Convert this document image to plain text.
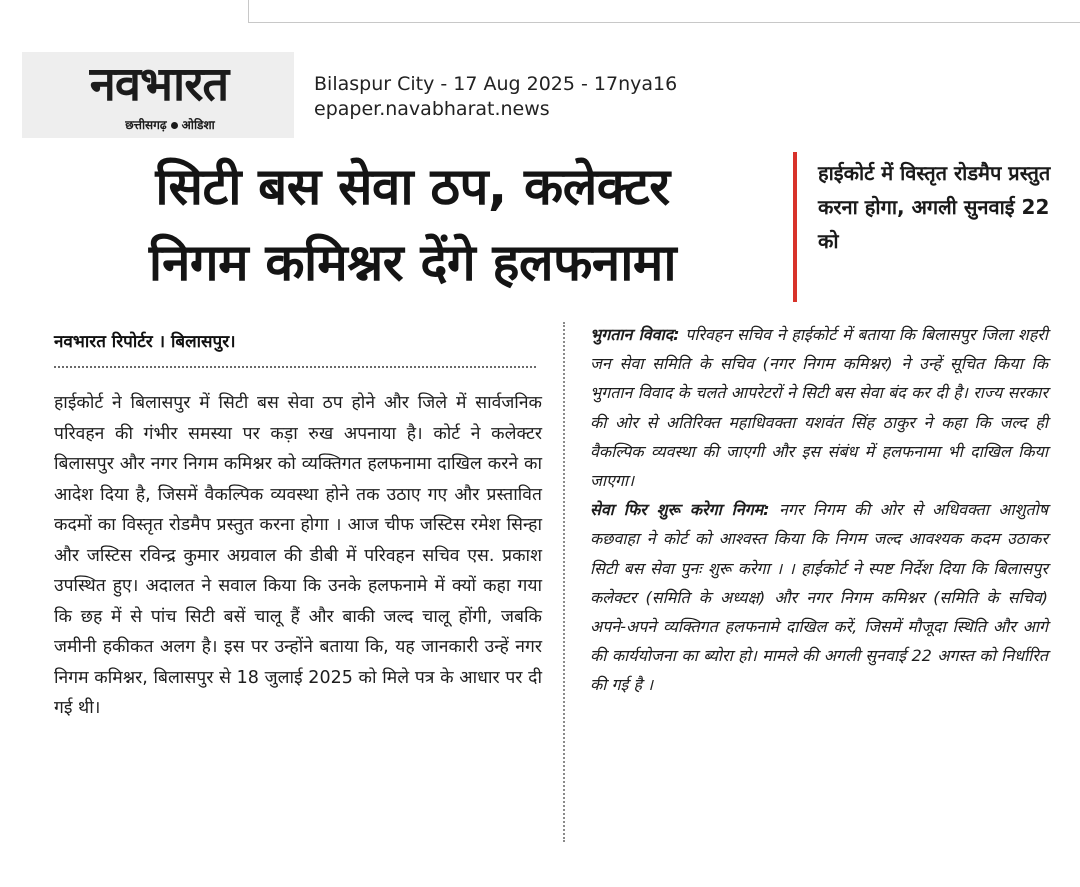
नवभारत
छत्तीसगढ़ ओडिशा
Bilaspur City - 17 Aug 2025 - 17nya16
epaper.navabharat.news
सिटी बस सेवा ठप, कलेक्टर
निगम कमिश्नर देंगे हलफनामा
हाईकोर्ट में विस्तृत रोडमैप प्रस्तुत करना होगा, अगली सुनवाई 22 को
नवभारत रिपोर्टर । बिलासपुर।
हाईकोर्ट ने बिलासपुर में सिटी बस सेवा ठप होने और जिले में सार्वजनिक परिवहन की गंभीर समस्या पर कड़ा रुख अपनाया है। कोर्ट ने कलेक्टर बिलासपुर और नगर निगम कमिश्नर को व्यक्तिगत हलफनामा दाखिल करने का आदेश दिया है, जिसमें वैकल्पिक व्यवस्था होने तक उठाए गए और प्रस्तावित कदमों का विस्तृत रोडमैप प्रस्तुत करना होगा । आज चीफ जस्टिस रमेश सिन्हा और जस्टिस रविन्द्र कुमार अग्रवाल की डीबी में परिवहन सचिव एस. प्रकाश उपस्थित हुए। अदालत ने सवाल किया कि उनके हलफनामे में क्यों कहा गया कि छह में से पांच सिटी बसें चालू हैं और बाकी जल्द चालू होंगी, जबकि जमीनी हकीकत अलग है। इस पर उन्होंने बताया कि, यह जानकारी उन्हें नगर निगम कमिश्नर, बिलासपुर से 18 जुलाई 2025 को मिले पत्र के आधार पर दी गई थी।
भुगतान विवाद: परिवहन सचिव ने हाईकोर्ट में बताया कि बिलासपुर जिला शहरी जन सेवा समिति के सचिव (नगर निगम कमिश्नर) ने उन्हें सूचित किया कि भुगतान विवाद के चलते आपरेटरों ने सिटी बस सेवा बंद कर दी है। राज्य सरकार की ओर से अतिरिक्त महाधिवक्ता यशवंत सिंह ठाकुर ने कहा कि जल्द ही वैकल्पिक व्यवस्था की जाएगी और इस संबंध में हलफनामा भी दाखिल किया जाएगा।
सेवा फिर शुरू करेगा निगम: नगर निगम की ओर से अधिवक्ता आशुतोष कछवाहा ने कोर्ट को आश्वस्त किया कि निगम जल्द आवश्यक कदम उठाकर सिटी बस सेवा पुनः शुरू करेगा । । हाईकोर्ट ने स्पष्ट निर्देश दिया कि बिलासपुर कलेक्टर (समिति के अध्यक्ष) और नगर निगम कमिश्नर (समिति के सचिव) अपने-अपने व्यक्तिगत हलफनामे दाखिल करें, जिसमें मौजूदा स्थिति और आगे की कार्ययोजना का ब्योरा हो। मामले की अगली सुनवाई 22 अगस्त को निर्धारित की गई है ।
